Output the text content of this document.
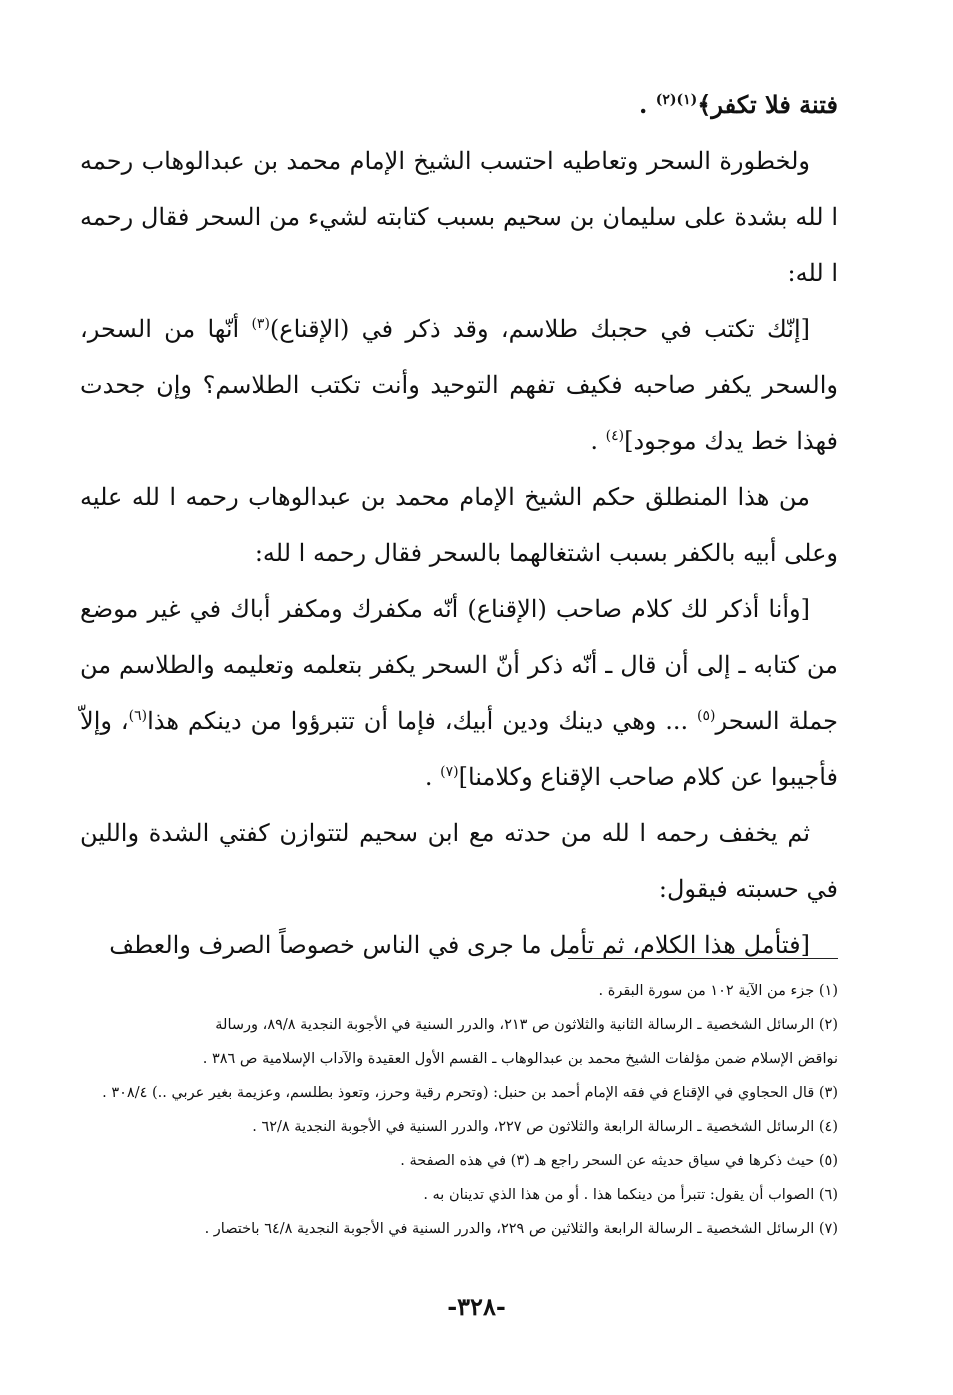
فتنة فلا تكفر﴾$^{(١)(٢)}$ .

ولخطورة السحر وتعاطيه احتسب الشيخ الإمام محمد بن عبدالوهاب رحمه ا لله بشدة على سليمان بن سحيم بسبب كتابته لشيء من السحر فقال رحمه ا لله:

[إنّك تكتب في حجبك طلاسم، وقد ذكر في (الإقناع)$^{(٣)}$ أنّها من السحر، والسحر يكفر صاحبه فكيف تفهم التوحيد وأنت تكتب الطلاسم؟ وإن جحدت فهذا خط يدك موجود]$^{(٤)}$ .

من هذا المنطلق حكم الشيخ الإمام محمد بن عبدالوهاب رحمه ا لله عليه وعلى أبيه بالكفر بسبب اشتغالهما بالسحر فقال رحمه ا لله:

[وأنا أذكر لك كلام صاحب (الإقناع) أنّه مكفرك ومكفر أباك في غير موضع من كتابه ـ إلى أن قال ـ أنّه ذكر أنّ السحر يكفر بتعلمه وتعليمه والطلاسم من جملة السحر$^{(٥)}$ ... وهي دينك ودين أبيك، فإما أن تتبرؤوا من دينكم هذا$^{(٦)}$، وإلاّ فأجيبوا عن كلام صاحب الإقناع وكلامنا]$^{(٧)}$ .

ثم يخفف رحمه ا لله من حدته مع ابن سحيم لتتوازن كفتي الشدة واللين في حسبته فيقول:

[فتأمل هذا الكلام، ثم تأمل ما جرى في الناس خصوصاً الصرف والعطف

(١) جزء من الآية ١٠٢ من سورة البقرة .

(٢) الرسائل الشخصية ـ الرسالة الثانية والثلاثون ص ٢١٣، والدرر السنية في الأجوبة النجدية ٨٩/٨، ورسالة

نواقض الإسلام ضمن مؤلفات الشيخ محمد بن عبدالوهاب ـ القسم الأول العقيدة والآداب الإسلامية ص ٣٨٦ .

(٣) قال الحجاوي في الإقناع في فقه الإمام أحمد بن حنبل: (وتحرم رقية وحرز، وتعوذ بطلسم، وعزيمة بغير عربي ..) ٣٠٨/٤ .

(٤) الرسائل الشخصية ـ الرسالة الرابعة والثلاثون ص ٢٢٧، والدرر السنية في الأجوبة النجدية ٦٢/٨ .

(٥) حيث ذكرها في سياق حديثه عن السحر راجع هـ (٣) في هذه الصفحة .

(٦) الصواب أن يقول: تتبرأ من دينكما هذا . أو من هذا الذي تدينان به .

(٧) الرسائل الشخصية ـ الرسالة الرابعة والثلاثين ص ٢٢٩، والدرر السنية في الأجوبة النجدية ٦٤/٨ باختصار .

-٣٢٨-
